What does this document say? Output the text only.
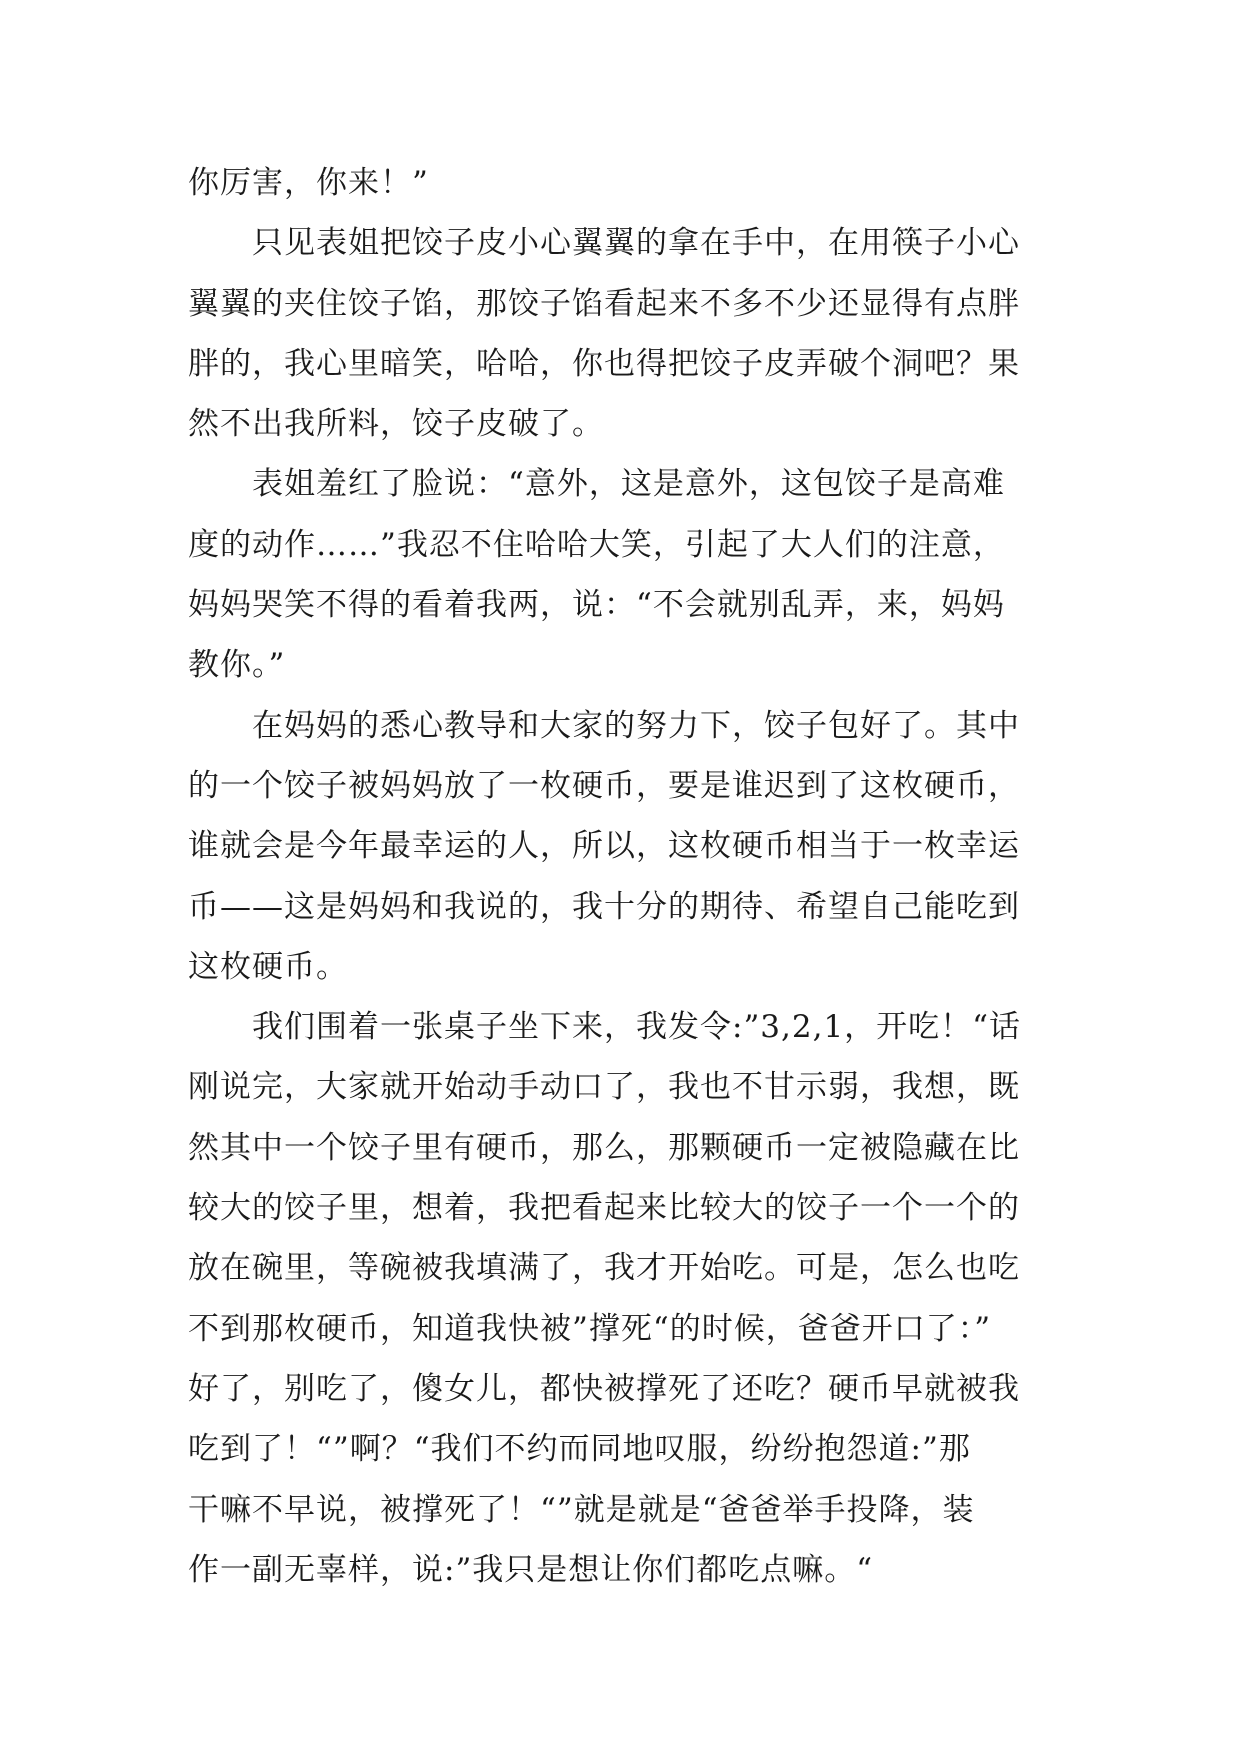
你厉害，你来！”
只见表姐把饺子皮小心翼翼的拿在手中，在用筷子小心
翼翼的夹住饺子馅，那饺子馅看起来不多不少还显得有点胖
胖的，我心里暗笑，哈哈，你也得把饺子皮弄破个洞吧？果
然不出我所料，饺子皮破了。
表姐羞红了脸说：“意外，这是意外，这包饺子是高难
度的动作……”我忍不住哈哈大笑，引起了大人们的注意，
妈妈哭笑不得的看着我两，说：“不会就别乱弄，来，妈妈
教你。”
在妈妈的悉心教导和大家的努力下，饺子包好了。其中
的一个饺子被妈妈放了一枚硬币，要是谁迟到了这枚硬币，
谁就会是今年最幸运的人，所以，这枚硬币相当于一枚幸运
币——这是妈妈和我说的，我十分的期待、希望自己能吃到
这枚硬币。
我们围着一张桌子坐下来，我发令:”3,2,1，开吃！“话
刚说完，大家就开始动手动口了，我也不甘示弱，我想，既
然其中一个饺子里有硬币，那么，那颗硬币一定被隐藏在比
较大的饺子里，想着，我把看起来比较大的饺子一个一个的
放在碗里，等碗被我填满了，我才开始吃。可是，怎么也吃
不到那枚硬币，知道我快被”撑死“的时候，爸爸开口了：”
好了，别吃了，傻女儿，都快被撑死了还吃？硬币早就被我
吃到了！“”啊？“我们不约而同地叹服，纷纷抱怨道:”那
干嘛不早说，被撑死了！“”就是就是“爸爸举手投降，装
作一副无辜样，说:”我只是想让你们都吃点嘛。“
